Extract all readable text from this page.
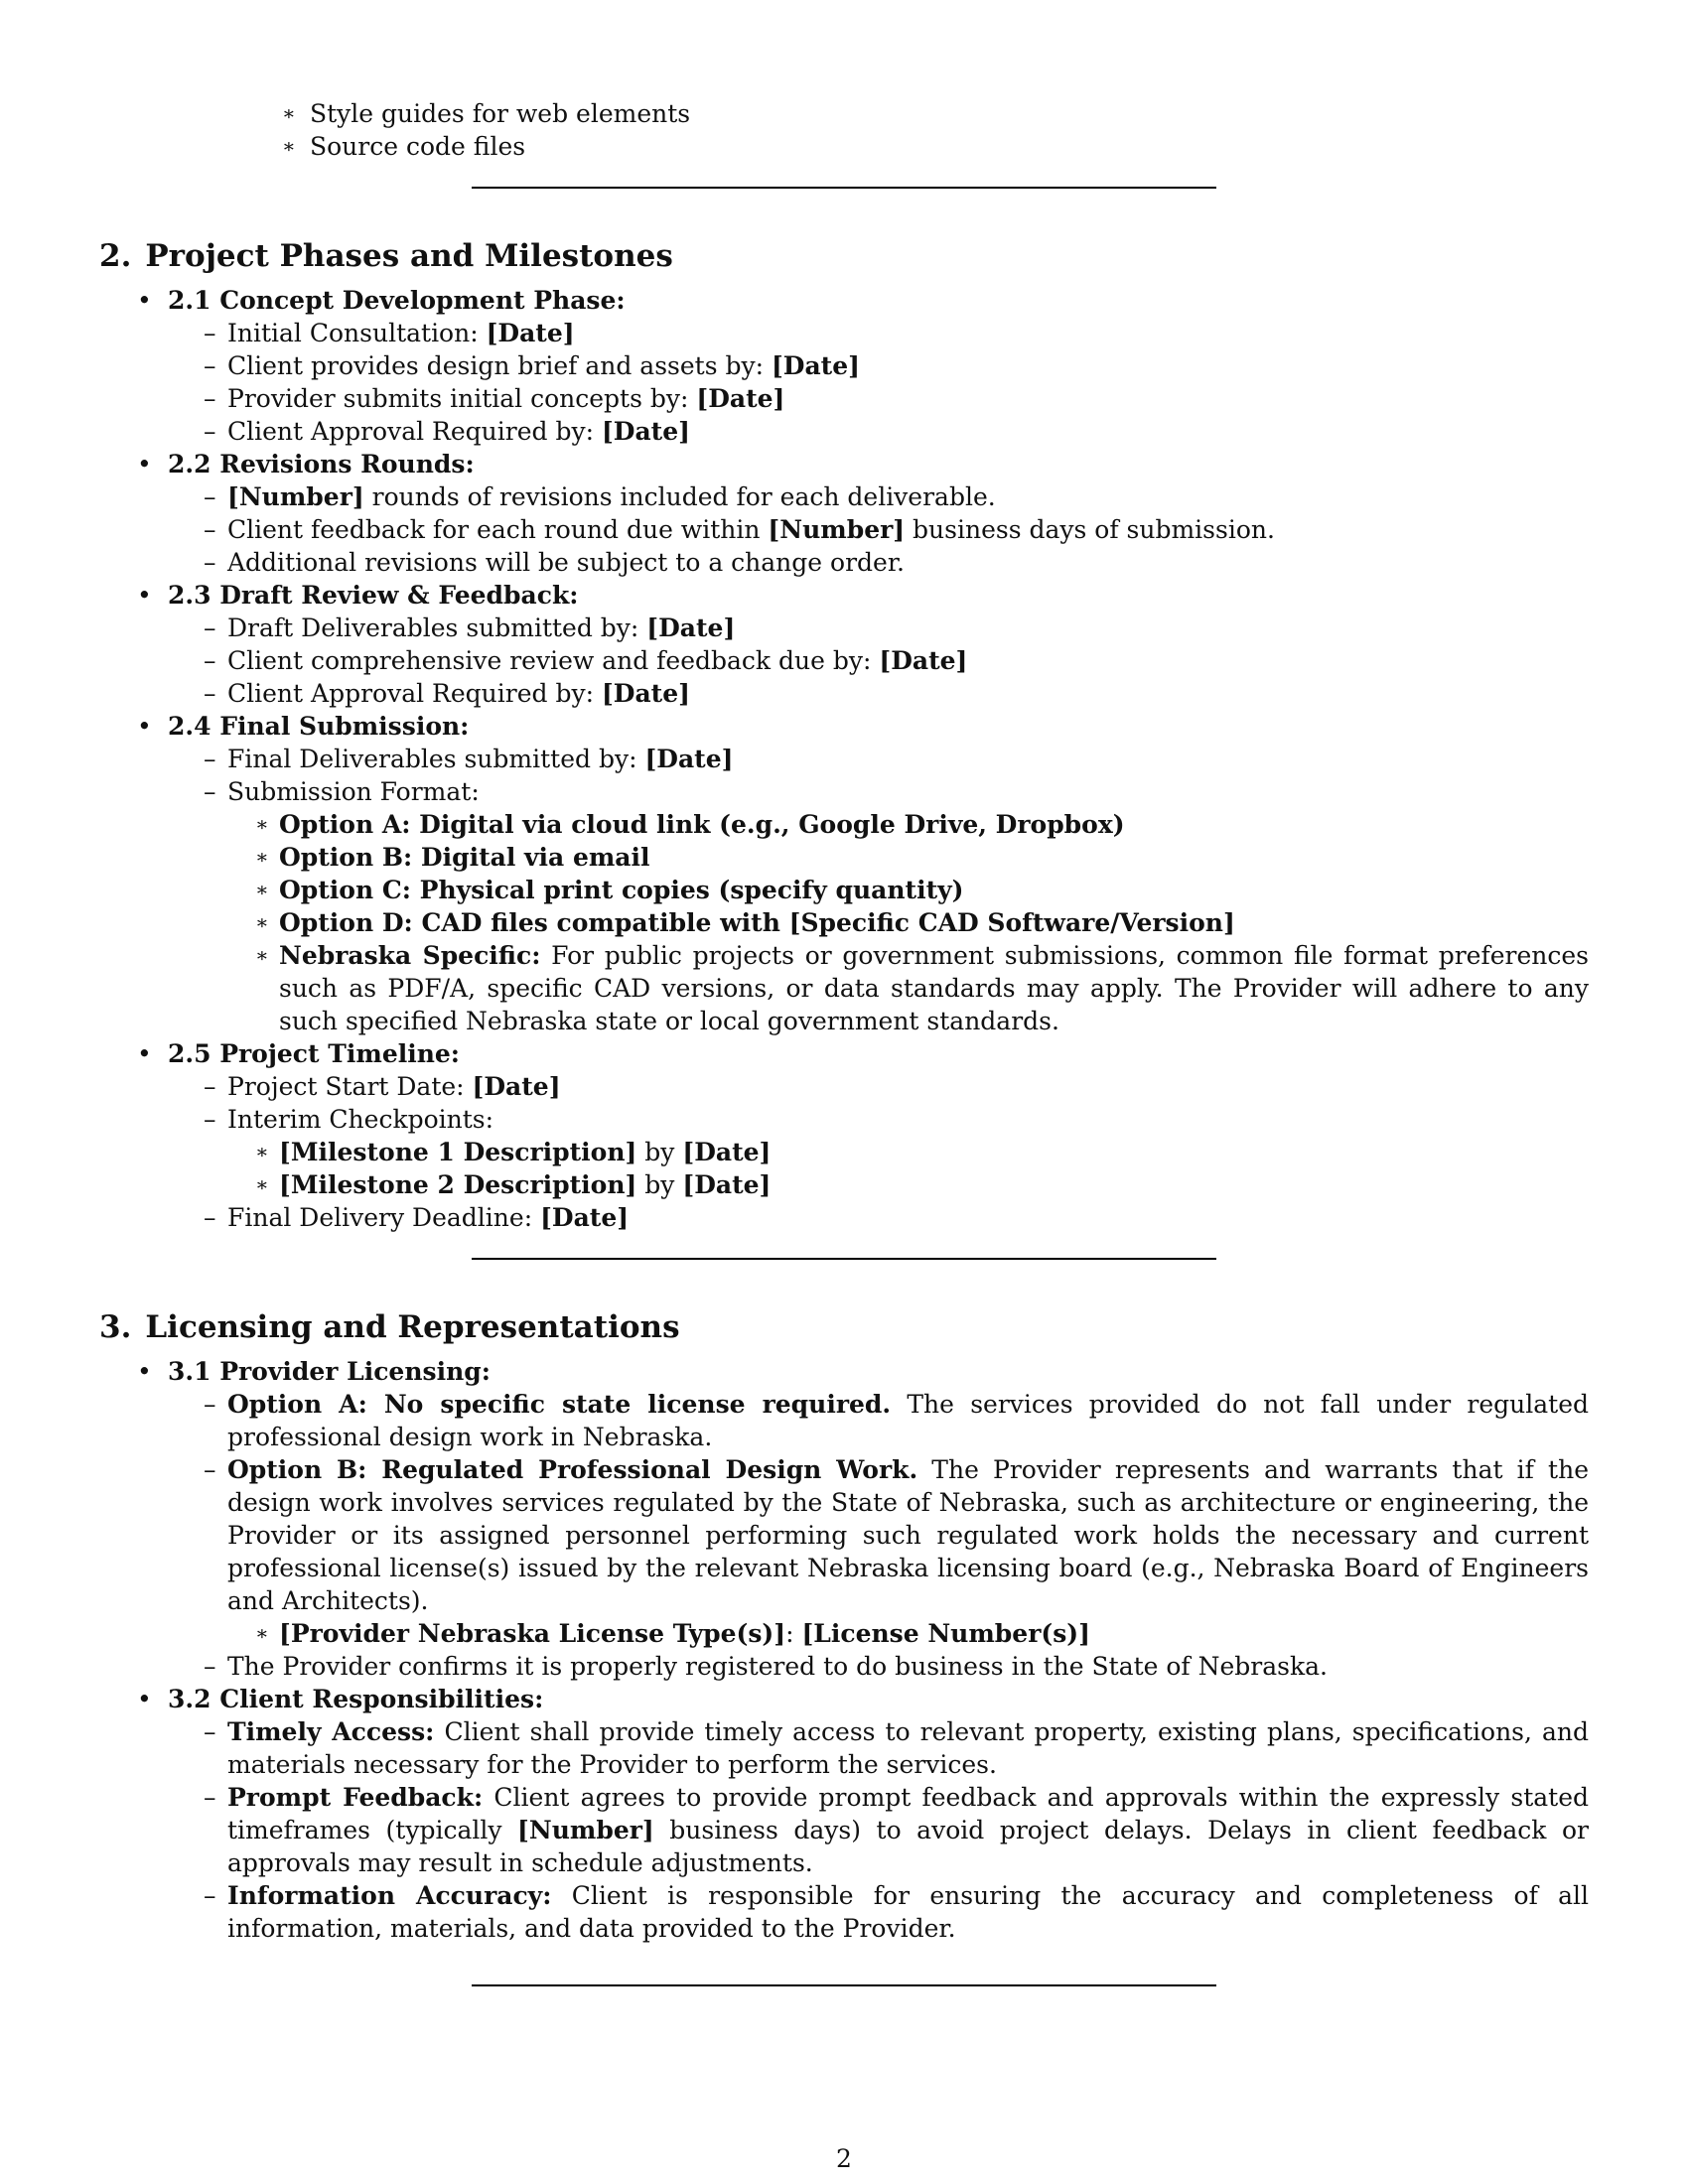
∗ Style guides for web elements
∗ Source code files
2. Project Phases and Milestones
• 2.1 Concept Development Phase:
– Initial Consultation: [Date]
– Client provides design brief and assets by: [Date]
– Provider submits initial concepts by: [Date]
– Client Approval Required by: [Date]
• 2.2 Revisions Rounds:
– [Number] rounds of revisions included for each deliverable.
– Client feedback for each round due within [Number] business days of submission.
– Additional revisions will be subject to a change order.
• 2.3 Draft Review & Feedback:
– Draft Deliverables submitted by: [Date]
– Client comprehensive review and feedback due by: [Date]
– Client Approval Required by: [Date]
• 2.4 Final Submission:
– Final Deliverables submitted by: [Date]
– Submission Format:
∗ Option A: Digital via cloud link (e.g., Google Drive, Dropbox)
∗ Option B: Digital via email
∗ Option C: Physical print copies (specify quantity)
∗ Option D: CAD files compatible with [Specific CAD Software/Version]
∗ Nebraska Specific: For public projects or government submissions, common file format preferences such as PDF/A, specific CAD versions, or data standards may apply. The Provider will adhere to any such specified Nebraska state or local government standards.
• 2.5 Project Timeline:
– Project Start Date: [Date]
– Interim Checkpoints:
∗ [Milestone 1 Description] by [Date]
∗ [Milestone 2 Description] by [Date]
– Final Delivery Deadline: [Date]
3. Licensing and Representations
• 3.1 Provider Licensing:
– Option A: No specific state license required. The services provided do not fall under regulated professional design work in Nebraska.
– Option B: Regulated Professional Design Work. The Provider represents and warrants that if the design work involves services regulated by the State of Nebraska, such as architecture or engineering, the Provider or its assigned personnel performing such regulated work holds the necessary and current professional license(s) issued by the relevant Nebraska licensing board (e.g., Nebraska Board of Engineers and Architects).
∗ [Provider Nebraska License Type(s)]: [License Number(s)]
– The Provider confirms it is properly registered to do business in the State of Nebraska.
• 3.2 Client Responsibilities:
– Timely Access: Client shall provide timely access to relevant property, existing plans, specifications, and materials necessary for the Provider to perform the services.
– Prompt Feedback: Client agrees to provide prompt feedback and approvals within the expressly stated timeframes (typically [Number] business days) to avoid project delays. Delays in client feedback or approvals may result in schedule adjustments.
– Information Accuracy: Client is responsible for ensuring the accuracy and completeness of all information, materials, and data provided to the Provider.
2
